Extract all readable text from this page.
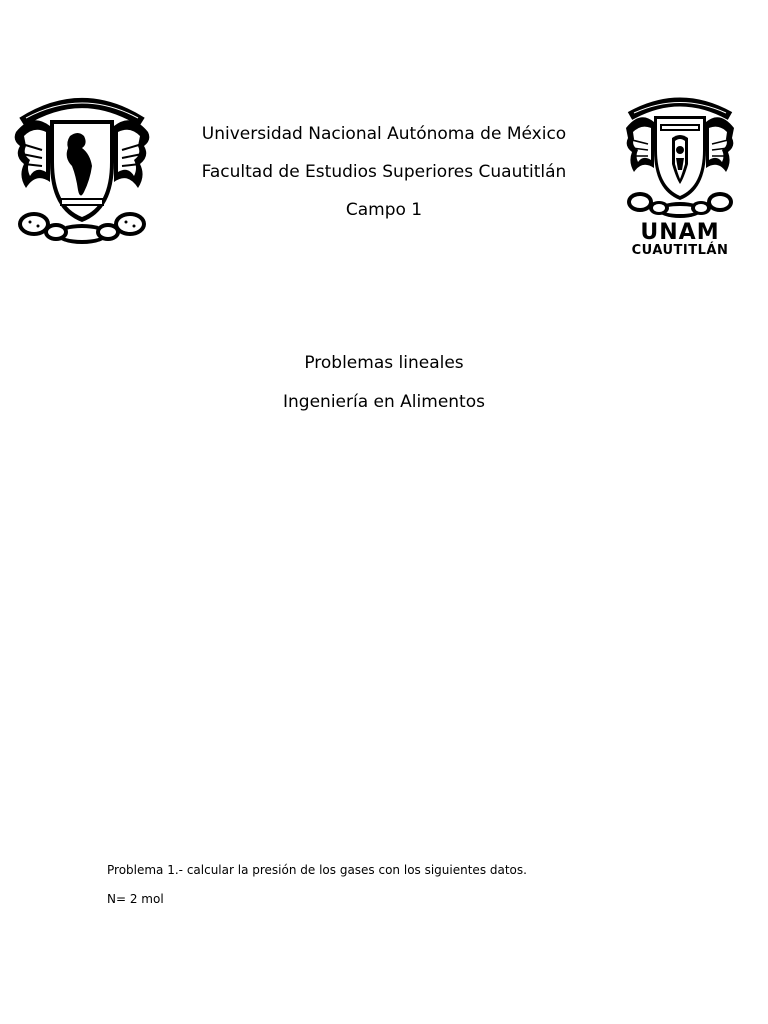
UNAM
CUAUTITLÁN
Universidad Nacional Autónoma de México
Facultad de Estudios Superiores Cuautitlán
Campo 1
Problemas lineales
Ingeniería en Alimentos
Problema 1.- calcular la presión de los gases con los siguientes datos.
N= 2 mol
